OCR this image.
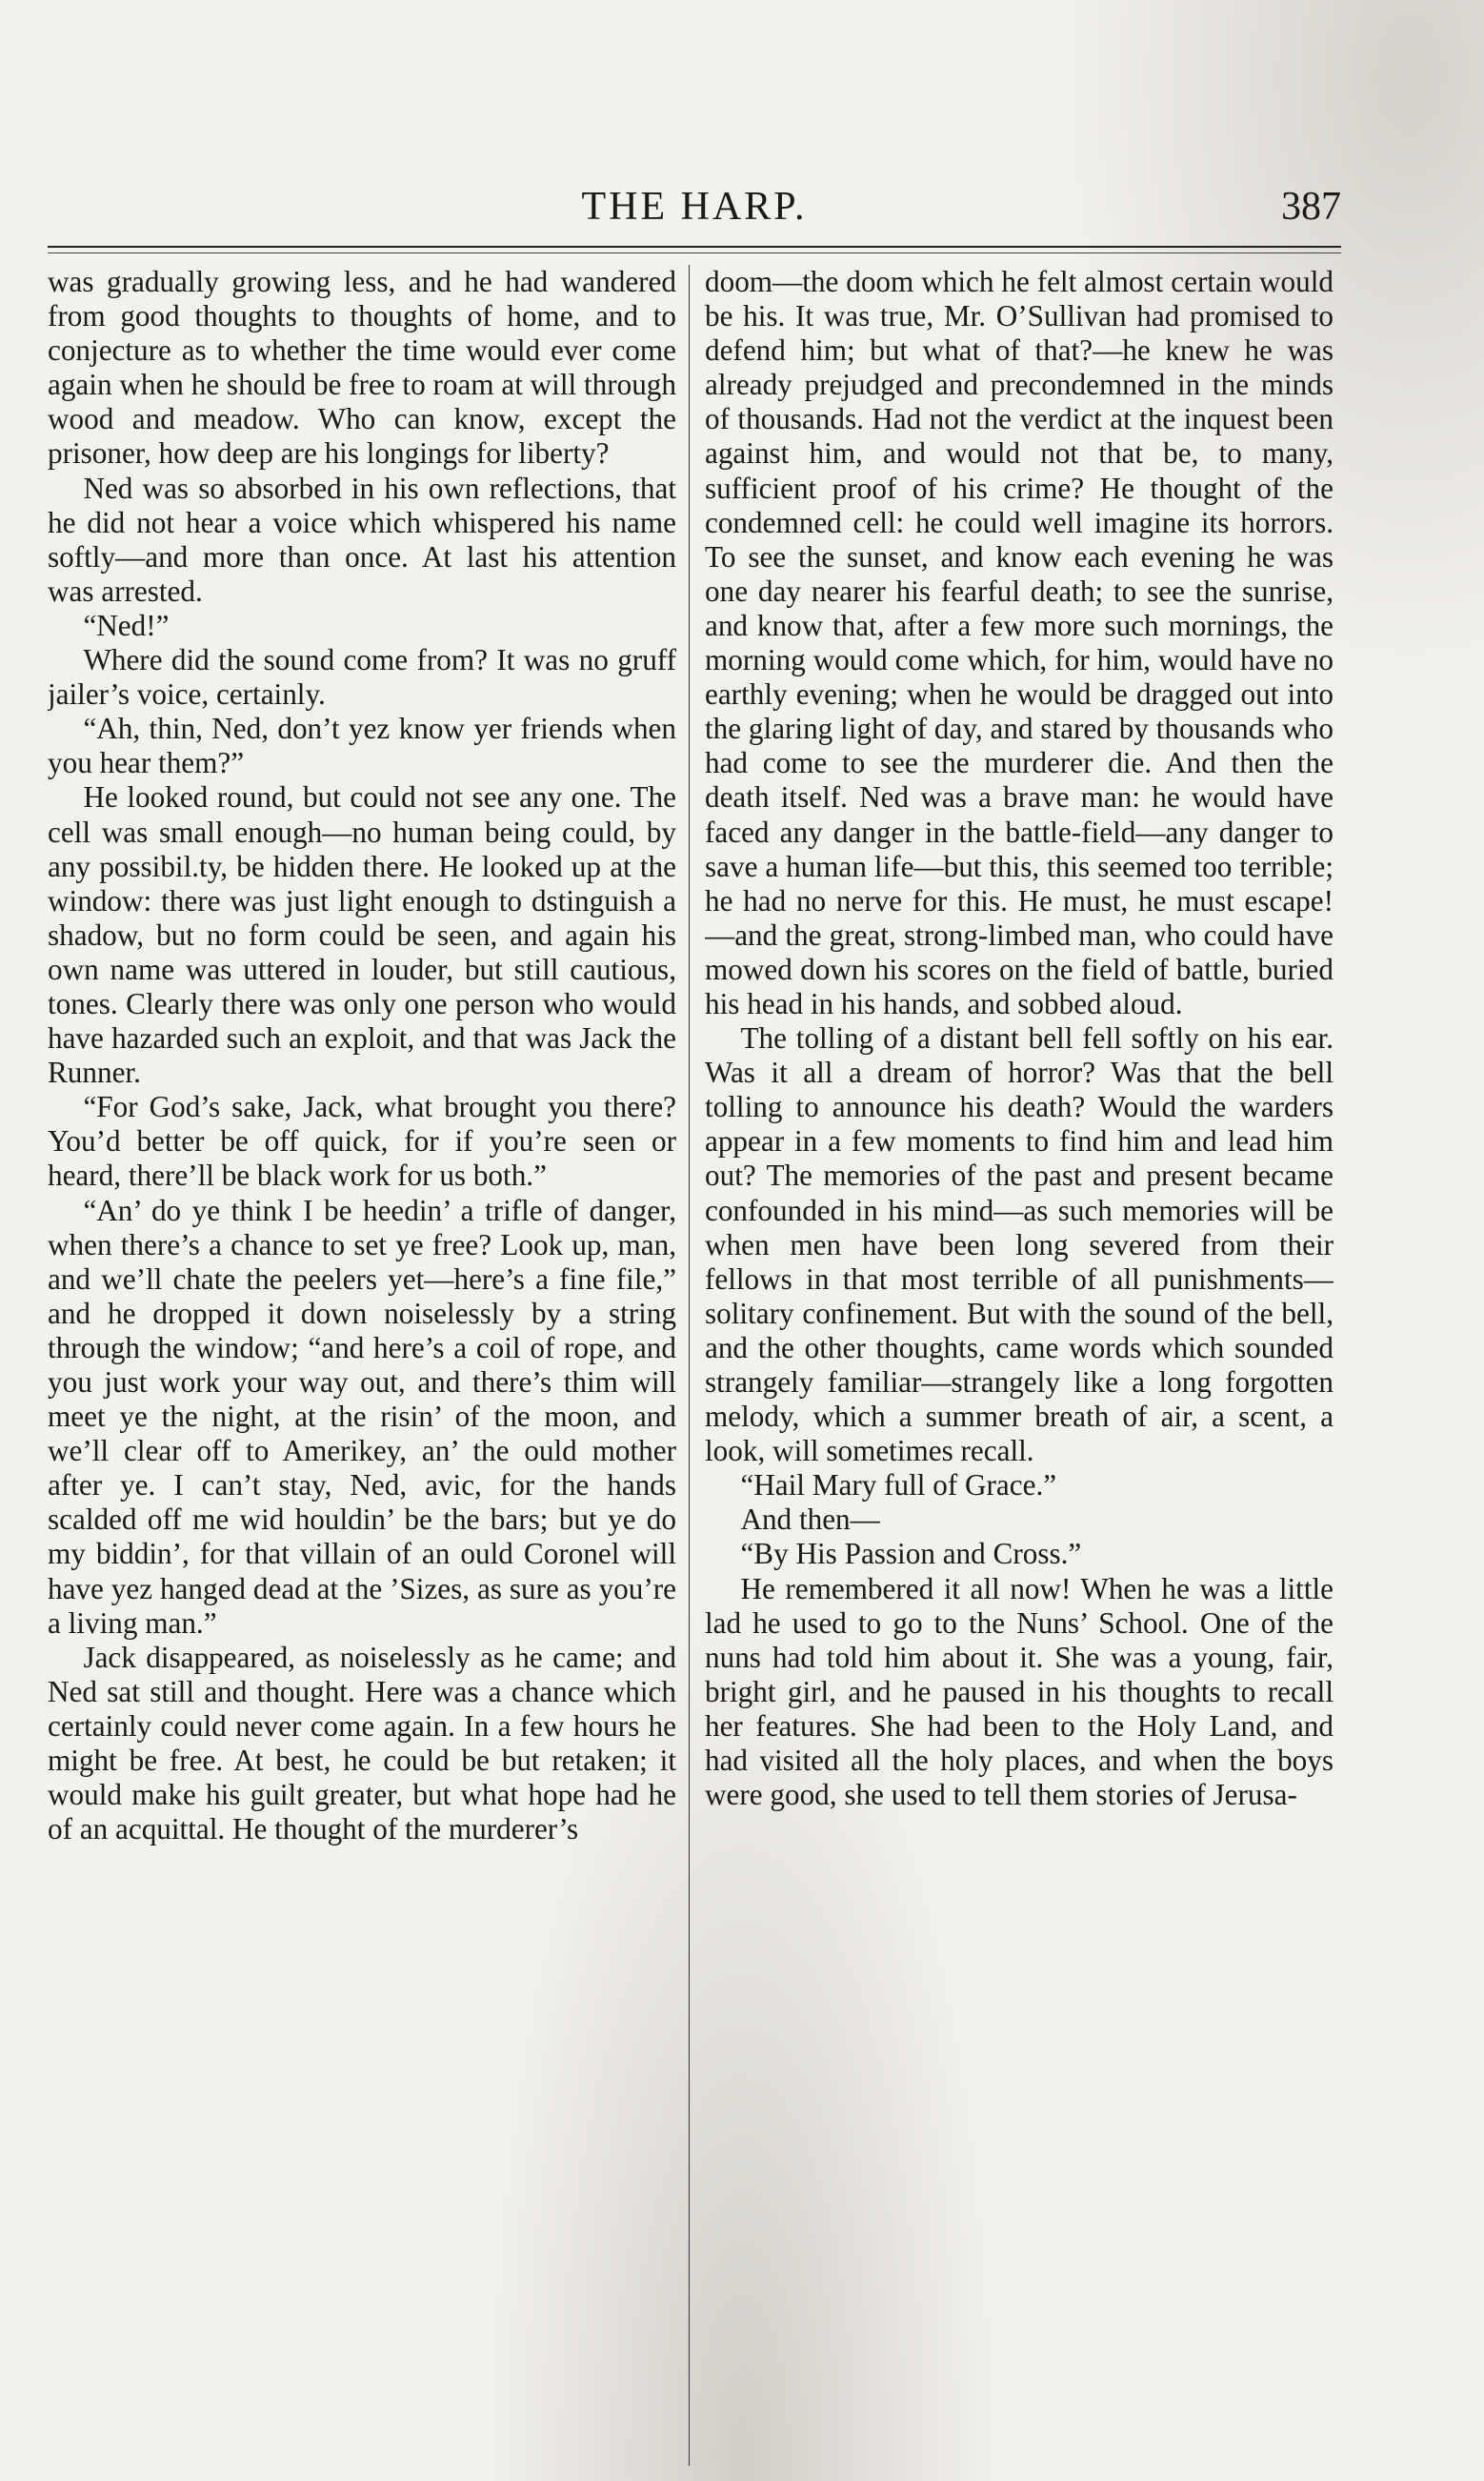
THE HARP.	387

was gradually growing less, and he had wandered from good thoughts to thoughts of home, and to conjecture as to whether the time would ever come again when he should be free to roam at will through wood and meadow. Who can know, except the prisoner, how deep are his longings for liberty?

Ned was so absorbed in his own reflections, that he did not hear a voice which whispered his name softly—and more than once. At last his attention was arrested.

“Ned!”

Where did the sound come from? It was no gruff jailer’s voice, certainly.

“Ah, thin, Ned, don’t yez know yer friends when you hear them?”

He looked round, but could not see any one. The cell was small enough—no human being could, by any possibil.ty, be hidden there. He looked up at the window: there was just light enough to dstinguish a shadow, but no form could be seen, and again his own name was uttered in louder, but still cautious, tones. Clearly there was only one person who would have hazarded such an exploit, and that was Jack the Runner.

“For God’s sake, Jack, what brought you there? You’d better be off quick, for if you’re seen or heard, there’ll be black work for us both.”

“An’ do ye think I be heedin’ a trifle of danger, when there’s a chance to set ye free? Look up, man, and we’ll chate the peelers yet—here’s a fine file,” and he dropped it down noiselessly by a string through the window; “and here’s a coil of rope, and you just work your way out, and there’s thim will meet ye the night, at the risin’ of the moon, and we’ll clear off to Amerikey, an’ the ould mother after ye. I can’t stay, Ned, avic, for the hands scalded off me wid houldin’ be the bars; but ye do my biddin’, for that villain of an ould Coronel will have yez hanged dead at the ’Sizes, as sure as you’re a living man.”

Jack disappeared, as noiselessly as he came; and Ned sat still and thought. Here was a chance which certainly could never come again. In a few hours he might be free. At best, he could be but retaken; it would make his guilt greater, but what hope had he of an acquittal. He thought of the murderer’s

doom—the doom which he felt almost certain would be his. It was true, Mr. O’Sullivan had promised to defend him; but what of that?—he knew he was already prejudged and precondemned in the minds of thousands. Had not the verdict at the inquest been against him, and would not that be, to many, sufficient proof of his crime? He thought of the condemned cell: he could well imagine its horrors. To see the sunset, and know each evening he was one day nearer his fearful death; to see the sunrise, and know that, after a few more such mornings, the morning would come which, for him, would have no earthly evening; when he would be dragged out into the glaring light of day, and stared by thousands who had come to see the murderer die. And then the death itself. Ned was a brave man: he would have faced any danger in the battle-field—any danger to save a human life—but this, this seemed too terrible; he had no nerve for this. He must, he must escape!—and the great, strong-limbed man, who could have mowed down his scores on the field of battle, buried his head in his hands, and sobbed aloud.

The tolling of a distant bell fell softly on his ear. Was it all a dream of horror? Was that the bell tolling to announce his death? Would the warders appear in a few moments to find him and lead him out? The memories of the past and present became confounded in his mind—as such memories will be when men have been long severed from their fellows in that most terrible of all punishments—solitary confinement. But with the sound of the bell, and the other thoughts, came words which sounded strangely familiar—strangely like a long forgotten melody, which a summer breath of air, a scent, a look, will sometimes recall.

“Hail Mary full of Grace.”

And then—

“By His Passion and Cross.”

He remembered it all now! When he was a little lad he used to go to the Nuns’ School. One of the nuns had told him about it. She was a young, fair, bright girl, and he paused in his thoughts to recall her features. She had been to the Holy Land, and had visited all the holy places, and when the boys were good, she used to tell them stories of Jerusa-
